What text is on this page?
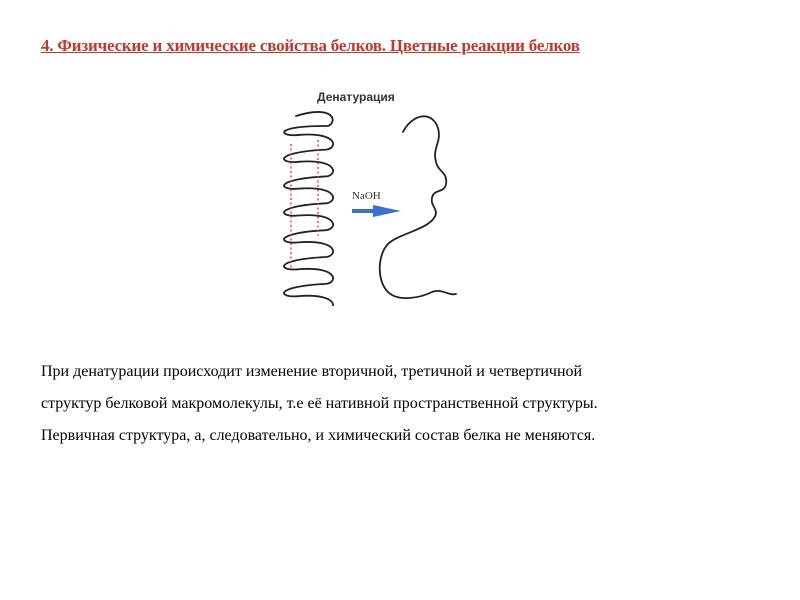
4. Физические и химические свойства белков. Цветные реакции белков
Денатурация
NaOH

При денатурации происходит изменение вторичной, третичной и четвертичной

структур белковой макромолекулы, т.е её нативной пространственной структуры.

Первичная структура, а, следовательно, и химический состав белка не меняются.
